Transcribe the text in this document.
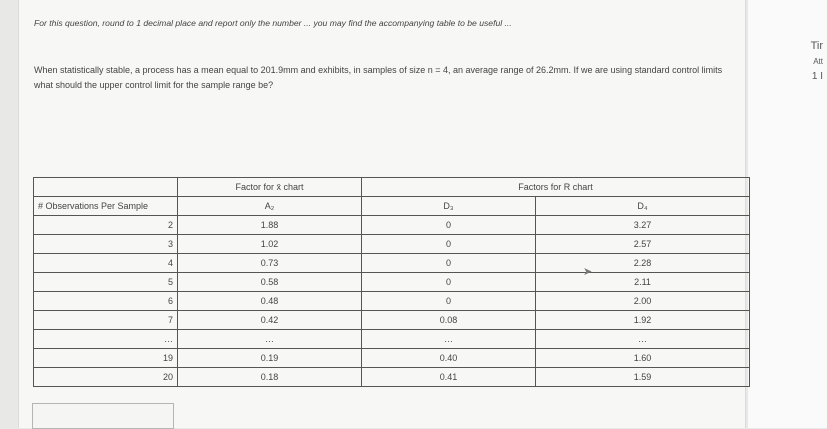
For this question, round to 1 decimal place and report only the number ... you may find the accompanying table to be useful ...
When statistically stable, a process has a mean equal to 201.9mm and exhibits, in samples of size n = 4, an average range of 26.2mm. If we are using standard control limits what should the upper control limit for the sample range be?
Tir
Att
1 I
	Factor for x̄ chart	Factors for R chart	
# Observations Per Sample	A₂	D₃	D₄
2	1.88	0	3.27
3	1.02	0	2.57
4	0.73	0	2.28
5	0.58	0	2.11
6	0.48	0	2.00
7	0.42	0.08	1.92
…	…	…	…
19	0.19	0.40	1.60
20	0.18	0.41	1.59
➤
